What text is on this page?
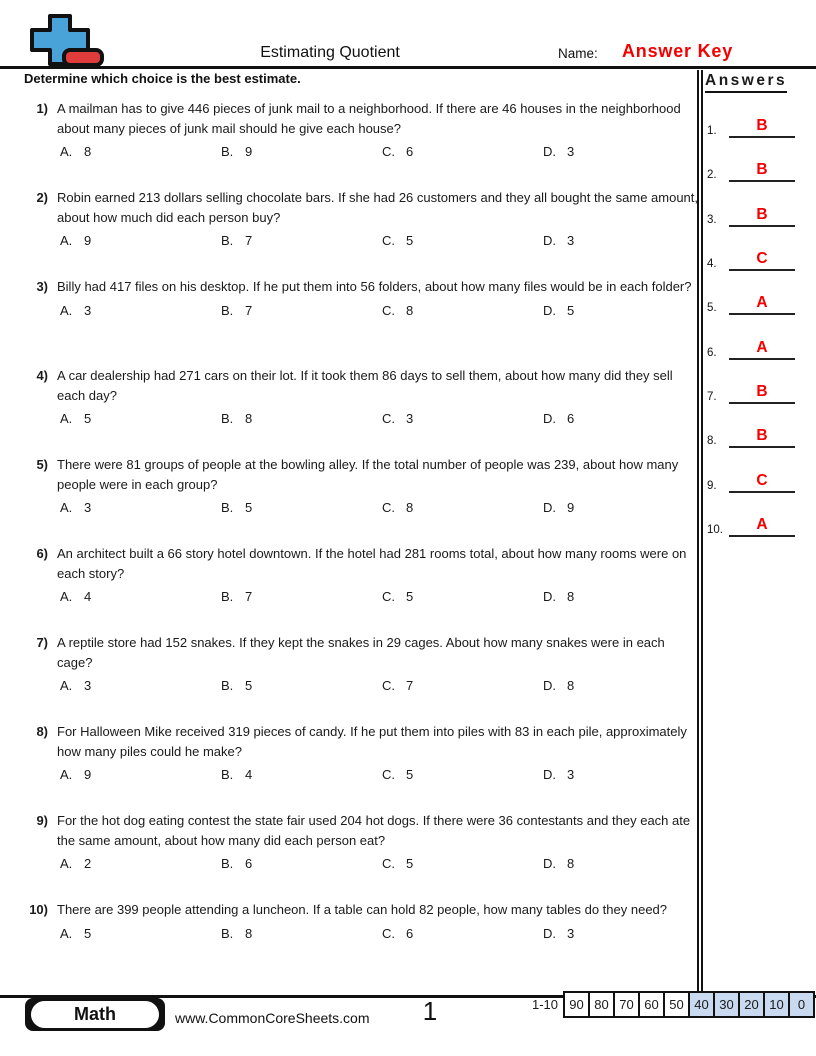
Estimating Quotient	Name: Answer Key
Determine which choice is the best estimate.
1) A mailman has to give 446 pieces of junk mail to a neighborhood. If there are 46 houses in the neighborhood about many pieces of junk mail should he give each house?

A. 8	B. 9	C. 6	D. 3
2) Robin earned 213 dollars selling chocolate bars. If she had 26 customers and they all bought the same amount, about how much did each person buy?

A. 9	B. 7	C. 5	D. 3
3) Billy had 417 files on his desktop. If he put them into 56 folders, about how many files would be in each folder?

A. 3	B. 7	C. 8	D. 5
4) A car dealership had 271 cars on their lot. If it took them 86 days to sell them, about how many did they sell each day?

A. 5	B. 8	C. 3	D. 6
5) There were 81 groups of people at the bowling alley. If the total number of people was 239, about how many people were in each group?

A. 3	B. 5	C. 8	D. 9
6) An architect built a 66 story hotel downtown. If the hotel had 281 rooms total, about how many rooms were on each story?

A. 4	B. 7	C. 5	D. 8
7) A reptile store had 152 snakes. If they kept the snakes in 29 cages. About how many snakes were in each cage?

A. 3	B. 5	C. 7	D. 8
8) For Halloween Mike received 319 pieces of candy. If he put them into piles with 83 in each pile, approximately how many piles could he make?

A. 9	B. 4	C. 5	D. 3
9) For the hot dog eating contest the state fair used 204 hot dogs. If there were 36 contestants and they each ate the same amount, about how many did each person eat?

A. 2	B. 6	C. 5	D. 8
10) There are 399 people attending a luncheon. If a table can hold 82 people, how many tables do they need?

A. 5	B. 8	C. 6	D. 3
Answers
1.	B
2.	B
3.	B
4.	C
5.	A
6.	A
7.	B
8.	B
9.	C
10.	A
Math	www.CommonCoreSheets.com	1	1-10 90 80 70 60 50 40 30 20 10	0
